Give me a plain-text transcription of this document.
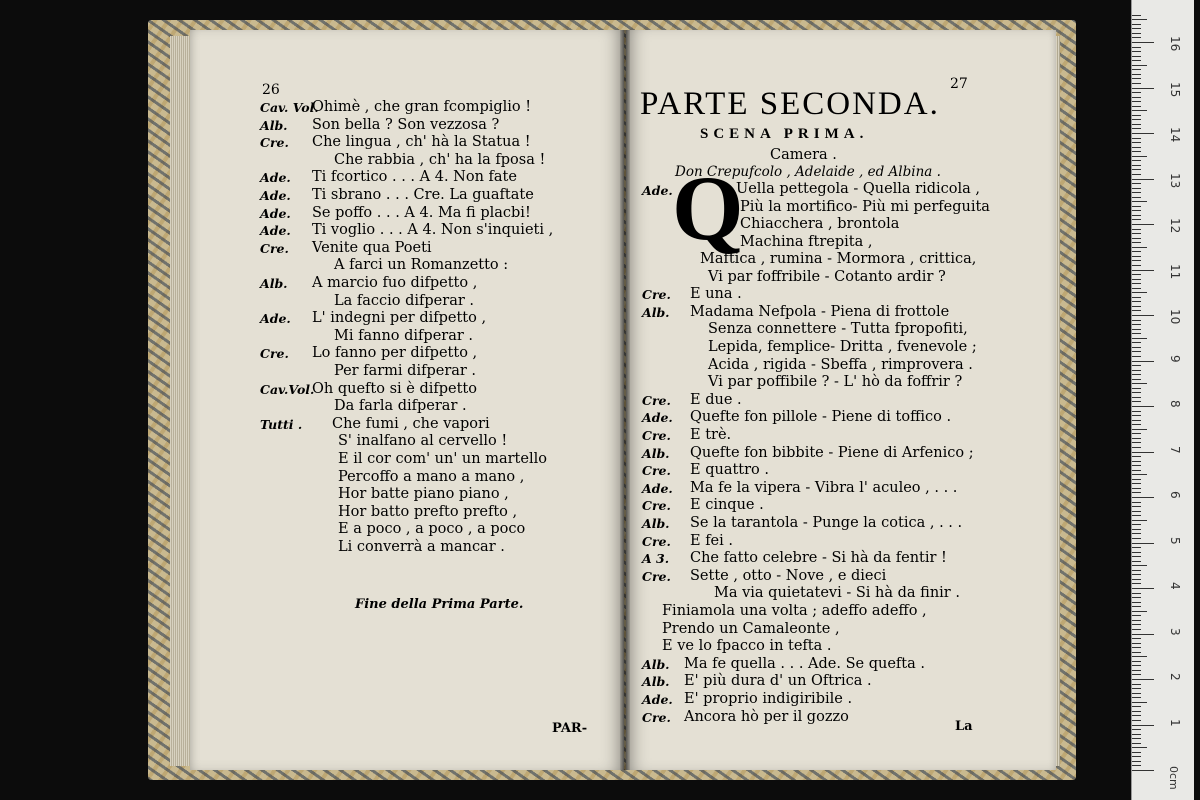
26
Cav. Vol.
Ohimè , che gran fcompiglio !
Alb. Son bella ? Son vezzosa ?
Cre. Che lingua , ch' hà la Statua !
Che rabbia , ch' ha la fposa !
Ade. Ti fcortico . . . A 4. Non fate
Ade. Ti sbrano . . . Cre. La guaftate
Ade. Se poffo . . . A 4. Ma fi placbi!
Ade. Ti voglio . . . A 4. Non s'inquieti ,
Cre. Venite qua Poeti
A farci un Romanzetto :
Alb. A marcio fuo difpetto ,
La faccio difperar .
Ade. L' indegni per difpetto ,
Mi fanno difperar .
Cre. Lo fanno per difpetto ,
Per farmi difperar .
Cav.Vol.
Oh quefto si è difpetto
Da farla difperar .
Tutti . Che fumi , che vapori
S' inalfano al cervello !
E il cor com' un' un martello
Percoffo a mano a mano ,
Hor batte piano piano ,
Hor batto prefto prefto ,
E a poco , a poco , a poco
Li converrà a mancar .
Fine della Prima Parte.
PAR-
27
PARTE SECONDA.
SCENA PRIMA.
Camera .
Don Crepufcolo , Adelaide , ed Albina .
Ade. Q
Uella pettegola - Quella ridicola ,
Più la mortifico- Più mi perfeguita
Chiacchera , brontola
Machina ftrepita ,
Maftica , rumina - Mormora , crittica,
Vi par foffribile - Cotanto ardir ?
Cre. E una .
Alb. Madama Nefpola - Piena di frottole
Senza connettere - Tutta fpropofiti,
Lepida, femplice- Dritta , fvenevole ;
Acida , rigida - Sbeffa , rimprovera .
Vi par poffibile ? - L' hò da foffrir ?
Cre. E due .
Ade. Quefte fon pillole - Piene di toffico .
Cre. E trè.
Alb. Quefte fon bibbite - Piene di Arfenico ;
Cre. E quattro .
Ade. Ma fe la vipera - Vibra l' aculeo , . . .
Cre. E cinque .
Alb. Se la tarantola - Punge la cotica , . . .
Cre. E fei .
A 3. Che fatto celebre - Si hà da fentir !
Cre. Sette , otto - Nove , e dieci
Ma via quietatevi - Si hà da finir .
Finiamola una volta ; adeffo adeffo ,
Prendo un Camaleonte ,
E ve lo fpacco in tefta .
Alb. Ma fe quella . . . Ade. Se quefta .
Alb. E' più dura d' un Oftrica .
Ade. E' proprio indigiribile .
Cre. Ancora hò per il gozzo
La	1
2
3
4
5
6
7
8
9
10
11
12
13
14
15
16
0cm
